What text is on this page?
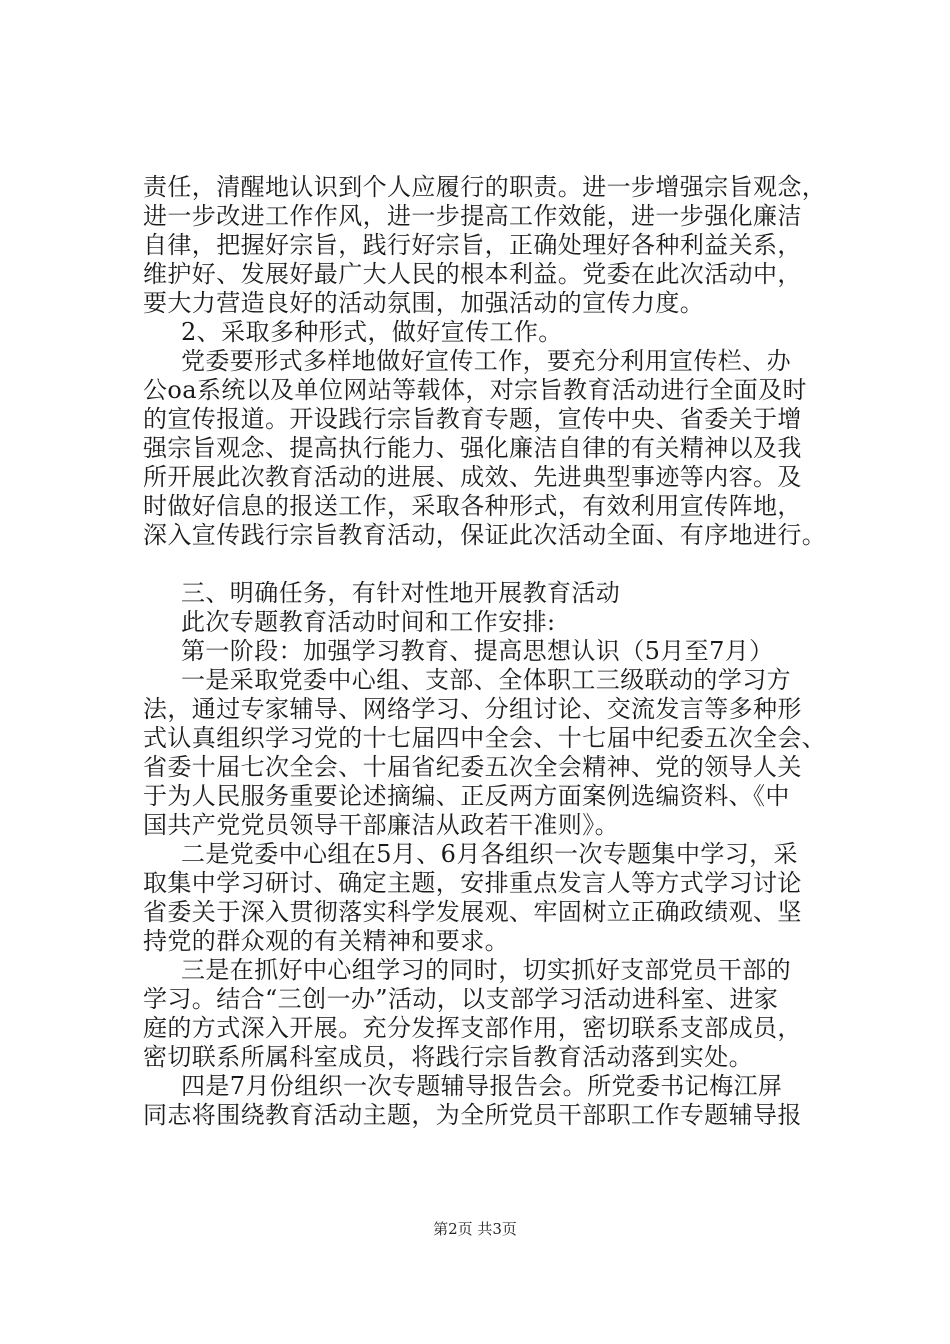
责任，清醒地认识到个人应履行的职责。进一步增强宗旨观念，
进一步改进工作作风，进一步提高工作效能，进一步强化廉洁
自律，把握好宗旨，践行好宗旨，正确处理好各种利益关系，
维护好、发展好最广大人民的根本利益。党委在此次活动中，
要大力营造良好的活动氛围，加强活动的宣传力度。
2、采取多种形式，做好宣传工作。
党委要形式多样地做好宣传工作，要充分利用宣传栏、办
公oa系统以及单位网站等载体，对宗旨教育活动进行全面及时
的宣传报道。开设践行宗旨教育专题，宣传中央、省委关于增
强宗旨观念、提高执行能力、强化廉洁自律的有关精神以及我
所开展此次教育活动的进展、成效、先进典型事迹等内容。及
时做好信息的报送工作，采取各种形式，有效利用宣传阵地，
深入宣传践行宗旨教育活动，保证此次活动全面、有序地进行。
三、明确任务，有针对性地开展教育活动
此次专题教育活动时间和工作安排:
第一阶段：加强学习教育、提高思想认识（5月至7月）
一是采取党委中心组、支部、全体职工三级联动的学习方
法，通过专家辅导、网络学习、分组讨论、交流发言等多种形
式认真组织学习党的十七届四中全会、十七届中纪委五次全会、
省委十届七次全会、十届省纪委五次全会精神、党的领导人关
于为人民服务重要论述摘编、正反两方面案例选编资料、《中
国共产党党员领导干部廉洁从政若干准则》。
二是党委中心组在5月、6月各组织一次专题集中学习，采
取集中学习研讨、确定主题，安排重点发言人等方式学习讨论
省委关于深入贯彻落实科学发展观、牢固树立正确政绩观、坚
持党的群众观的有关精神和要求。
三是在抓好中心组学习的同时，切实抓好支部党员干部的
学习。结合“三创一办”活动，以支部学习活动进科室、进家
庭的方式深入开展。充分发挥支部作用，密切联系支部成员，
密切联系所属科室成员，将践行宗旨教育活动落到实处。
四是7月份组织一次专题辅导报告会。所党委书记梅江屏
同志将围绕教育活动主题，为全所党员干部职工作专题辅导报
第2页 共3页
